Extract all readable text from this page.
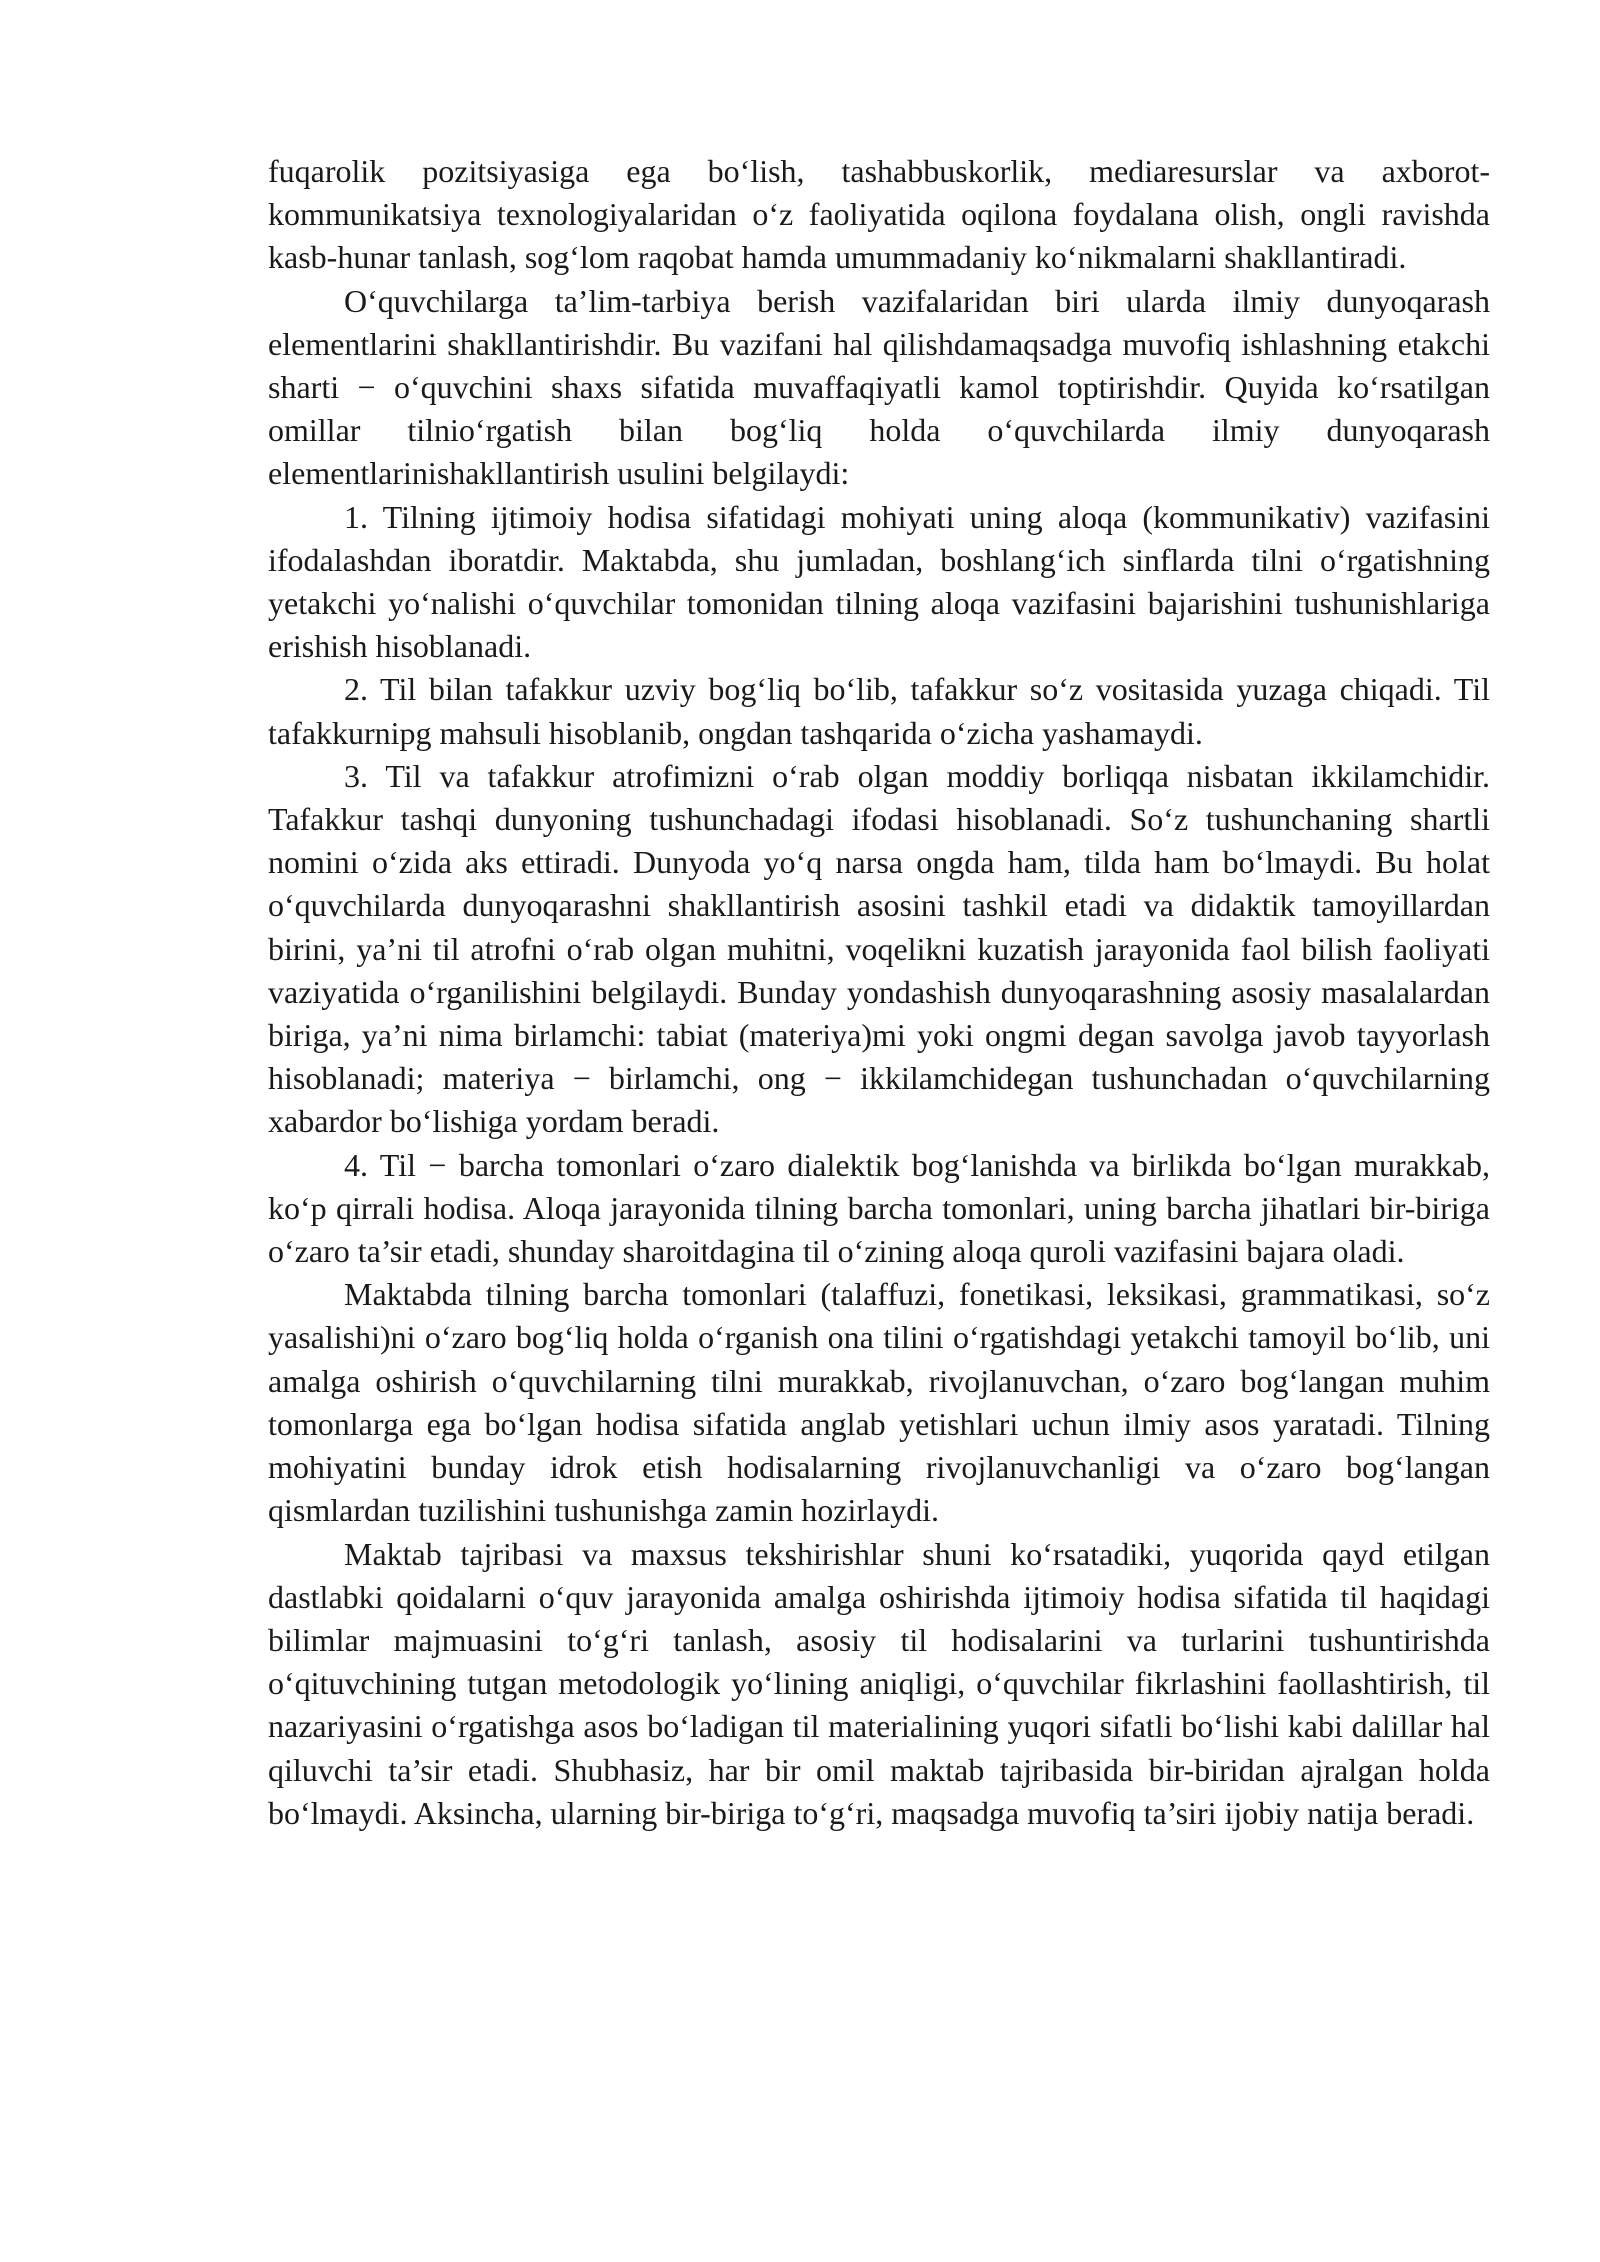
fuqarolik pozitsiyasiga ega bo‘lish, tashabbuskorlik, mediaresurslar va axborot-kommunikatsiya texnologiyalaridan o‘z faoliyatida oqilona foydalana olish, ongli ravishda kasb-hunar tanlash, sog‘lom raqobat hamda umummadaniy ko‘nikmalarni shakllantiradi.

O‘quvchilarga ta’lim-tarbiya berish vazifalaridan biri ularda ilmiy dunyoqarash elementlarini shakllantirishdir. Bu vazifani hal qilishdamaqsadga muvofiq ishlashning etakchi sharti − o‘quvchini shaxs sifatida muvaffaqiyatli kamol toptirishdir. Quyida ko‘rsatilgan omillar tilnio‘rgatish bilan bog‘liq holda o‘quvchilarda ilmiy dunyoqarash elementlarinishakllantirish usulini belgilaydi:

1. Tilning ijtimoiy hodisa sifatidagi mohiyati uning aloqa (kommunikativ) vazifasini ifodalashdan iboratdir. Maktabda, shu jumladan, boshlang‘ich sinflarda tilni o‘rgatishning yetakchi yo‘nalishi o‘quvchilar tomonidan tilning aloqa vazifasini bajarishini tushunishlariga erishish hisoblanadi.

2. Til bilan tafakkur uzviy bog‘liq bo‘lib, tafakkur so‘z vositasida yuzaga chiqadi. Til tafakkurnipg mahsuli hisoblanib, ongdan tashqarida o‘zicha yashamaydi.

3. Til va tafakkur atrofimizni o‘rab olgan moddiy borliqqa nisbatan ikkilamchidir. Tafakkur tashqi dunyoning tushunchadagi ifodasi hisoblanadi. So‘z tushunchaning shartli nomini o‘zida aks ettiradi. Dunyoda yo‘q narsa ongda ham, tilda ham bo‘lmaydi. Bu holat o‘quvchilarda dunyoqarashni shakllantirish asosini tashkil etadi va didaktik tamoyillardan birini, ya’ni til atrofni o‘rab olgan muhitni, voqelikni kuzatish jarayonida faol bilish faoliyati vaziyatida o‘rganilishini belgilaydi. Bunday yondashish dunyoqarashning asosiy masalalardan biriga, ya’ni nima birlamchi: tabiat (materiya)mi yoki ongmi degan savolga javob tayyorlash hisoblanadi; materiya − birlamchi, ong − ikkilamchidegan tushunchadan o‘quvchilarning xabardor bo‘lishiga yordam beradi.

4. Til − barcha tomonlari o‘zaro dialektik bog‘lanishda va birlikda bo‘lgan murakkab, ko‘p qirrali hodisa. Aloqa jarayonida tilning barcha tomonlari, uning barcha jihatlari bir-biriga o‘zaro ta’sir etadi, shunday sharoitdagina til o‘zining aloqa quroli vazifasini bajara oladi.

Maktabda tilning barcha tomonlari (talaffuzi, fonetikasi, leksikasi, grammatikasi, so‘z yasalishi)ni o‘zaro bog‘liq holda o‘rganish ona tilini o‘rgatishdagi yetakchi tamoyil bo‘lib, uni amalga oshirish o‘quvchilarning tilni murakkab, rivojlanuvchan, o‘zaro bog‘langan muhim tomonlarga ega bo‘lgan hodisa sifatida anglab yetishlari uchun ilmiy asos yaratadi. Tilning mohiyatini bunday idrok etish hodisalarning rivojlanuvchanligi va o‘zaro bog‘langan qismlardan tuzilishini tushunishga zamin hozirlaydi.

Maktab tajribasi va maxsus tekshirishlar shuni ko‘rsatadiki, yuqorida qayd etilgan dastlabki qoidalarni o‘quv jarayonida amalga oshirishda ijtimoiy hodisa sifatida til haqidagi bilimlar majmuasini to‘g‘ri tanlash, asosiy til hodisalarini va turlarini tushuntirishda o‘qituvchining tutgan metodologik yo‘lining aniqligi, o‘quvchilar fikrlashini faollashtirish, til nazariyasini o‘rgatishga asos bo‘ladigan til materialining yuqori sifatli bo‘lishi kabi dalillar hal qiluvchi ta’sir etadi. Shubhasiz, har bir omil maktab tajribasida bir-biridan ajralgan holda bo‘lmaydi. Aksincha, ularning bir-biriga to‘g‘ri, maqsadga muvofiq ta’siri ijobiy natija beradi.
